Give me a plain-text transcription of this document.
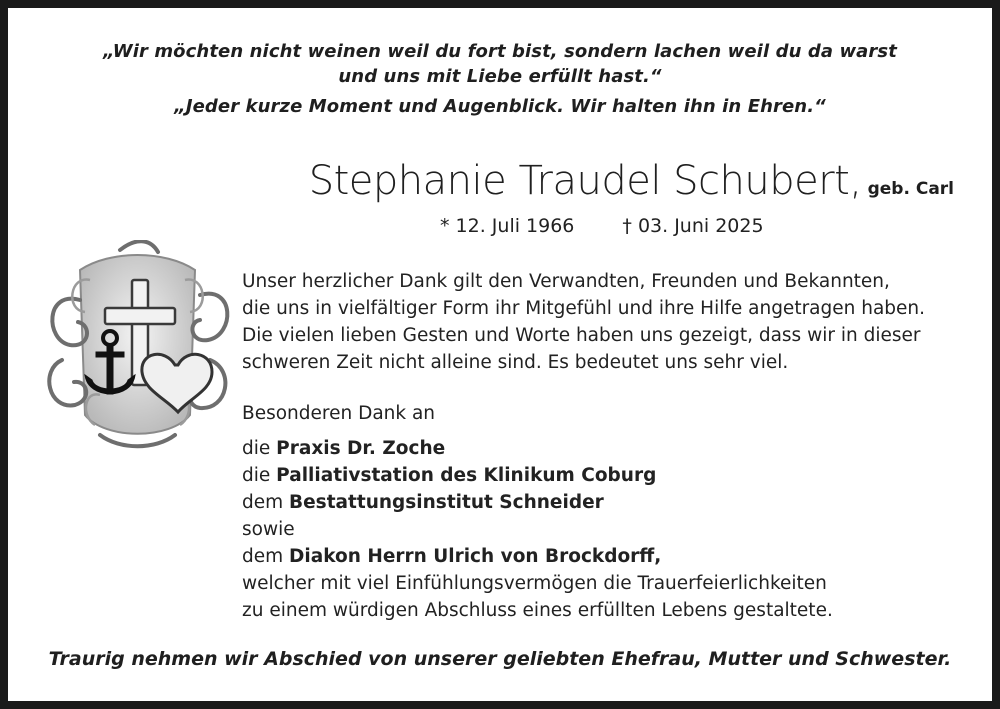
„Wir möchten nicht weinen weil du fort bist, sondern lachen weil du da warst
und uns mit Liebe erfüllt hast.“
„Jeder kurze Moment und Augenblick. Wir halten ihn in Ehren.“
Stephanie Traudel Schubert, geb. Carl
* 12. Juli 1966	† 03. Juni 2025
Unser herzlicher Dank gilt den Verwandten, Freunden und Bekannten,
die uns in vielfältiger Form ihr Mitgefühl und ihre Hilfe angetragen haben.
Die vielen lieben Gesten und Worte haben uns gezeigt, dass wir in dieser
schweren Zeit nicht alleine sind. Es bedeutet uns sehr viel.
Besonderen Dank an
die Praxis Dr. Zoche
die Palliativstation des Klinikum Coburg
dem Bestattungsinstitut Schneider
sowie
dem Diakon Herrn Ulrich von Brockdorff,
welcher mit viel Einfühlungsvermögen die Trauerfeierlichkeiten
zu einem würdigen Abschluss eines erfüllten Lebens gestaltete.
Traurig nehmen wir Abschied von unserer geliebten Ehefrau, Mutter und Schwester.
